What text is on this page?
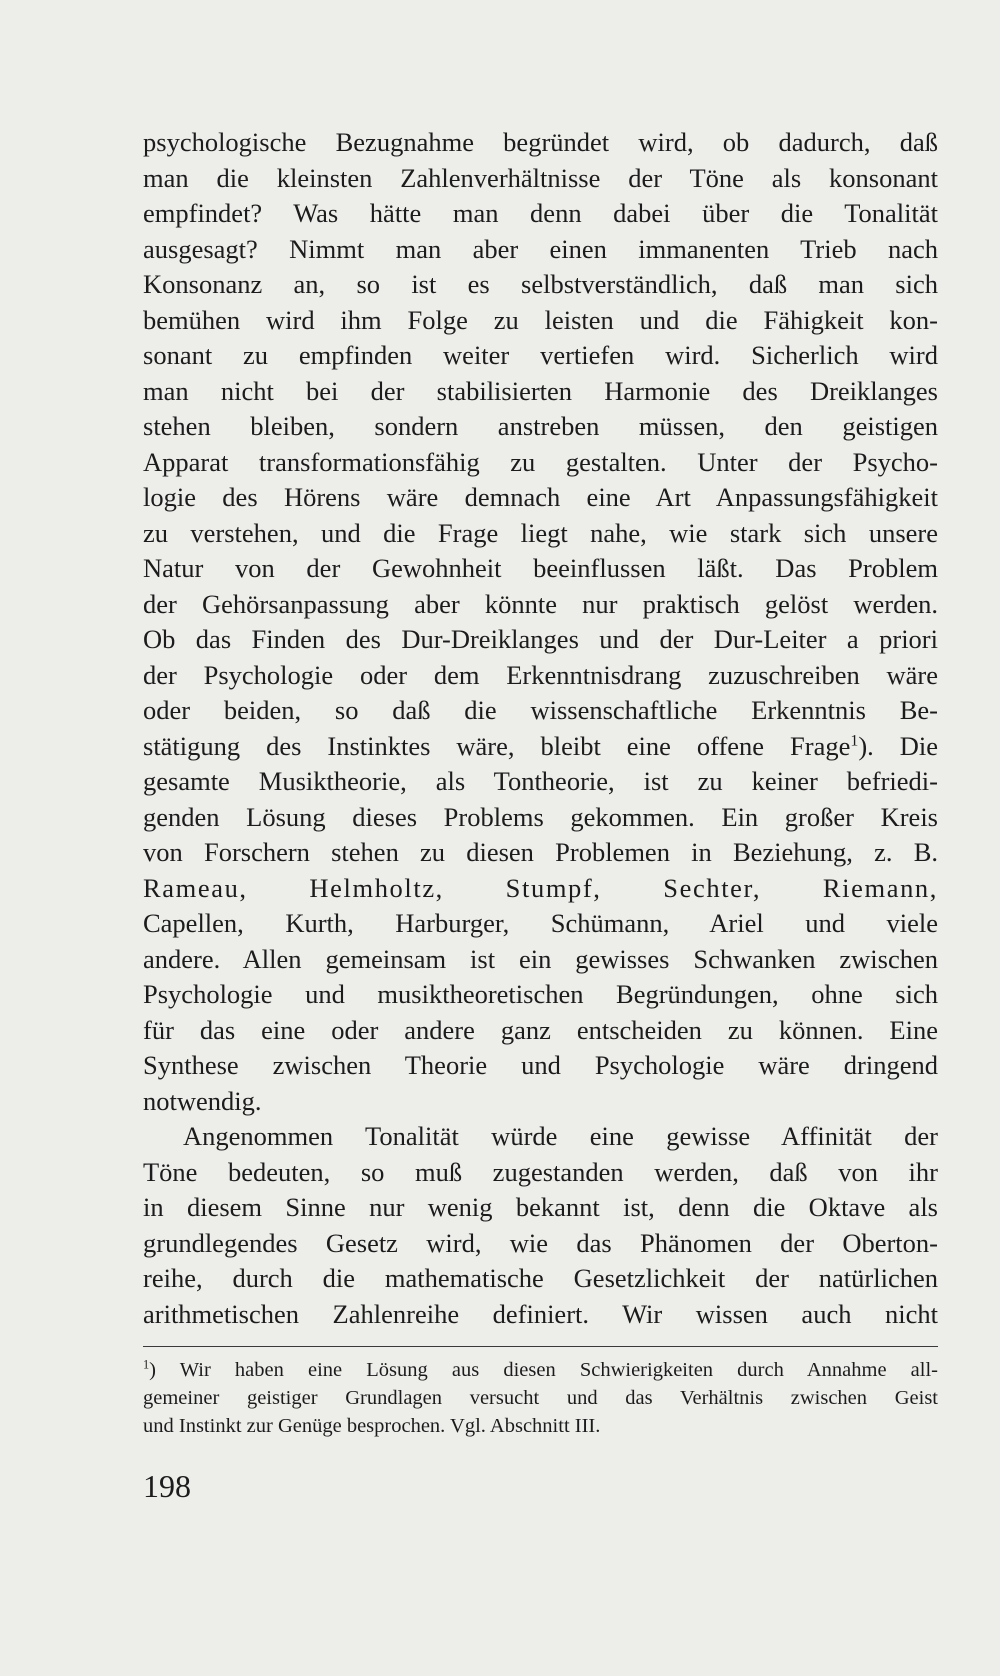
psychologische Bezugnahme begründet wird, ob dadurch, daß
man die kleinsten Zahlenverhältnisse der Töne als konsonant
empfindet? Was hätte man denn dabei über die Tonalität
ausgesagt? Nimmt man aber einen immanenten Trieb nach
Konsonanz an, so ist es selbstverständlich, daß man sich
bemühen wird ihm Folge zu leisten und die Fähigkeit kon-
sonant zu empfinden weiter vertiefen wird. Sicherlich wird
man nicht bei der stabilisierten Harmonie des Dreiklanges
stehen bleiben, sondern anstreben müssen, den geistigen
Apparat transformationsfähig zu gestalten. Unter der Psycho-
logie des Hörens wäre demnach eine Art Anpassungsfähigkeit
zu verstehen, und die Frage liegt nahe, wie stark sich unsere
Natur von der Gewohnheit beeinflussen läßt. Das Problem
der Gehörsanpassung aber könnte nur praktisch gelöst werden.
Ob das Finden des Dur-Dreiklanges und der Dur-Leiter a priori
der Psychologie oder dem Erkenntnisdrang zuzuschreiben wäre
oder beiden, so daß die wissenschaftliche Erkenntnis Be-
stätigung des Instinktes wäre, bleibt eine offene Frage$^1$). Die
gesamte Musiktheorie, als Tontheorie, ist zu keiner befriedi-
genden Lösung dieses Problems gekommen. Ein großer Kreis
von Forschern stehen zu diesen Problemen in Beziehung, z. B.
Rameau, Helmholtz, Stumpf, Sechter, Riemann,
Capellen, Kurth, Harburger, Schümann, Ariel und viele
andere. Allen gemeinsam ist ein gewisses Schwanken zwischen
Psychologie und musiktheoretischen Begründungen, ohne sich
für das eine oder andere ganz entscheiden zu können. Eine
Synthese zwischen Theorie und Psychologie wäre dringend
notwendig.
Angenommen Tonalität würde eine gewisse Affinität der
Töne bedeuten, so muß zugestanden werden, daß von ihr
in diesem Sinne nur wenig bekannt ist, denn die Oktave als
grundlegendes Gesetz wird, wie das Phänomen der Oberton-
reihe, durch die mathematische Gesetzlichkeit der natürlichen
arithmetischen Zahlenreihe definiert. Wir wissen auch nicht
$^1$) Wir haben eine Lösung aus diesen Schwierigkeiten durch Annahme all-
gemeiner geistiger Grundlagen versucht und das Verhältnis zwischen Geist
und Instinkt zur Genüge besprochen. Vgl. Abschnitt III.
198
